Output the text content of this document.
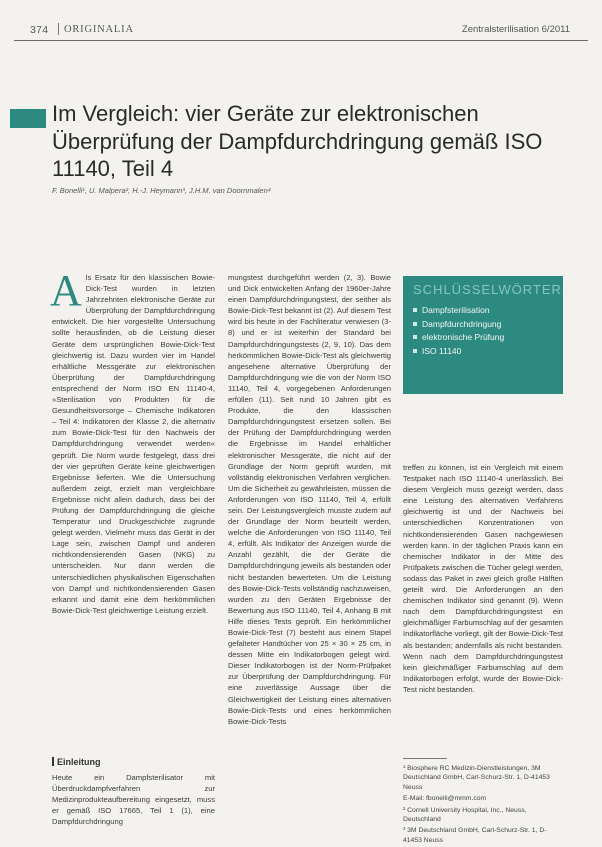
374 ORIGINALIA	Zentralsterilisation 6/2011
Im Vergleich: vier Geräte zur elektronischen Überprüfung der Dampfdurchdringung gemäß ISO 11140, Teil 4
F. Bonelli¹, U. Malpera², H.-J. Heymann³, J.H.M. van Doornmalen⁴

Als Ersatz für den klassischen Bowie-Dick-Test wurden in letzten Jahrzehnten elektronische Geräte zur Überprüfung der Dampfdurchdringung entwickelt. Die hier vorgestellte Untersuchung sollte herausfinden, ob die Leistung dieser Geräte dem ursprünglichen Bowie-Dick-Test gleichwertig ist. Dazu wurden vier im Handel erhältliche Messgeräte zur elektronischen Überprüfung der Dampfdurchdringung entsprechend der Norm ISO EN 11140-4, »Sterilisation von Produkten für die Gesundheitsvorsorge – Chemische Indikatoren – Teil 4: Indikatoren der Klasse 2, die alternativ zum Bowie-Dick-Test für den Nachweis der Dampfdurchdringung verwendet werden« geprüft. Die Norm wurde festgelegt, dass drei der vier geprüften Geräte keine gleichwertigen Ergebnisse lieferten. Wie die Untersuchung außerdem zeigt, erzielt man vergleichbare Ergebnisse nicht allein dadurch, dass bei der Prüfung der Dampfdurchdringung die gleiche Temperatur und Druckgeschichte zugrunde gelegt werden. Vielmehr muss das Gerät in der Lage sein, zwischen Dampf und anderen nichtkondensierenden Gasen (NKG) zu unterscheiden. Nur dann werden die unterschiedlichen physikalischen Eigenschaften von Dampf und nichtkondensierenden Gasen erkannt und damit eine dem herkömmlichen Bowie-Dick-Test gleichwertige Leistung erzielt.

Einleitung
Heute ein Dampfsterilisator mit Überdruckdampfverfahren zur Medizinprodukteaufbereitung eingesetzt, muss er gemäß ISO 17665, Teil 1 (1), eine Dampfdurchdringung

mungstest durchgeführt werden (2, 3). Bowie und Dick entwickelten Anfang der 1960er-Jahre einen Dampfdurchdringungstest, der seither als Bowie-Dick-Test bekannt ist (2). Auf diesem Test wird bis heute in der Fachliteratur verwiesen (3-8) und er ist weiterhin der Standard bei Dampfdurchdringungstests (2, 9, 10). Das dem herkömmlichen Bowie-Dick-Test als gleichwertig angesehene alternative Überprüfung der Dampfdurchdringung wie die von der Norm ISO 11140, Teil 4, vorgegebenen Anforderungen erfüllen (11). Seit rund 10 Jahren gibt es Produkte, die den klassischen Dampfdurchdringungstest ersetzen sollen. Bei der Prüfung der Dampfdurchdringung werden die Ergebnisse im Handel erhältlicher elektronischer Messgeräte, die nicht auf der Grundlage der Norm geprüft wurden, mit vollständig elektronischen Verfahren verglichen. Um die Sicherheit zu gewährleisten, müssen die Anforderungen von ISO 11140, Teil 4, erfüllt sein. Der Leistungsvergleich musste zudem auf der Grundlage der Norm beurteilt werden, welche die Anforderungen von ISO 11140, Teil 4, erfüllt. Als Indikator der Anzeigen wurde die Anzahl gezählt, die der Geräte die Dampfdurchdringung jeweils als bestanden oder nicht bestanden bewerteten. Um die Leistung des Bowie-Dick-Tests vollständig nachzuweisen, wurden zu den Geräten Ergebnisse der Bewertung aus ISO 11140, Teil 4, Anhang B mit Hilfe dieses Tests geprüft. Ein herkömmlicher Bowie-Dick-Test (7) besteht aus einem Stapel gefalteter Handtücher von 25 × 30 × 25 cm, in dessen Mitte ein Indikatorbogen gelegt wird. Dieser Indikatorbogen ist der Norm-Prüfpaket zur Überprüfung der Dampfdurchdringung. Für eine zuverlässige Aussage über die Gleichwertigkeit der Leistung eines alternativen Bowie-Dick-Tests und eines herkömmlichen Bowie-Dick-Tests

SCHLÜSSELWÖRTER
Dampfsterilisation
Dampfdurchdringung
elektronische Prüfung
ISO 11140

treffen zu können, ist ein Vergleich mit einem Testpaket nach ISO 11140-4 unerlässlich. Bei diesem Vergleich muss gezeigt werden, dass eine Leistung des alternativen Verfahrens gleichwertig ist und der Nachweis bei unterschiedlichen Konzentrationen von nichtkondensierenden Gasen nachgewiesen werden kann. In der täglichen Praxis kann ein chemischer Indikator in der Mitte des Prüfpakets zwischen die Tücher gelegt werden, sodass das Paket in zwei gleich große Hälften geteilt wird. Die Anforderungen an den chemischen Indikator sind genannt (9). Wenn nach dem Dampfdurchdringungstest ein gleichmäßiger Farbumschlag auf der gesamten Indikatorfläche vorliegt, gilt der Bowie-Dick-Test als bestanden; andernfalls als nicht bestanden. Wenn nach dem Dampfdurchdringungstest kein gleichmäßiger Farbumschlag auf dem Indikatorbogen erfolgt, wurde der Bowie-Dick-Test nicht bestanden.

¹ Biosphere RC Medizin-Dienstleistungen, 3M Deutschland GmbH, Carl-Schurz-Str. 1, D-41453 Neuss

E-Mail: fbonelli@mmm.com

² Cornell University Hospital, Inc., Neuss, Deutschland

³ 3M Deutschland GmbH, Carl-Schurz-Str. 1, D-41453 Neuss
